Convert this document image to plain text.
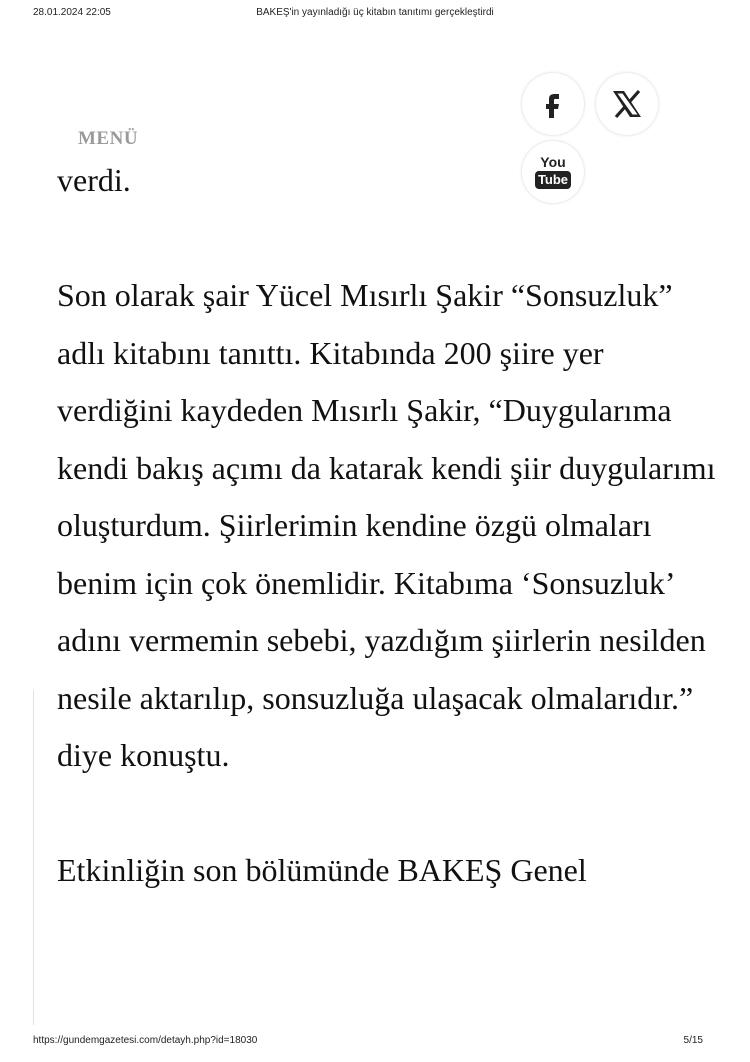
28.01.2024 22:05	BAKEŞ'in yayınladığı üç kitabın tanıtımı gerçekleştirdi
verdi.
MENÜ
You
Tube

Son olarak şair Yücel Mısırlı Şakir “Sonsuzluk” adlı kitabını tanıttı. Kitabında 200 şiire yer verdiğini kaydeden Mısırlı Şakir, “Duygularıma kendi bakış açımı da katarak kendi şiir duygularımı oluşturdum. Şiirlerimin kendine özgü olmaları benim için çok önemlidir. Kitabıma ‘Sonsuzluk’ adını vermemin sebebi, yazdığım şiirlerin nesilden nesile aktarılıp, sonsuzluğa ulaşacak olmalarıdır.” diye konuştu.

Etkinliğin son bölümünde BAKEŞ Genel

https://gundemgazetesi.com/detayh.php?id=18030	5/15
